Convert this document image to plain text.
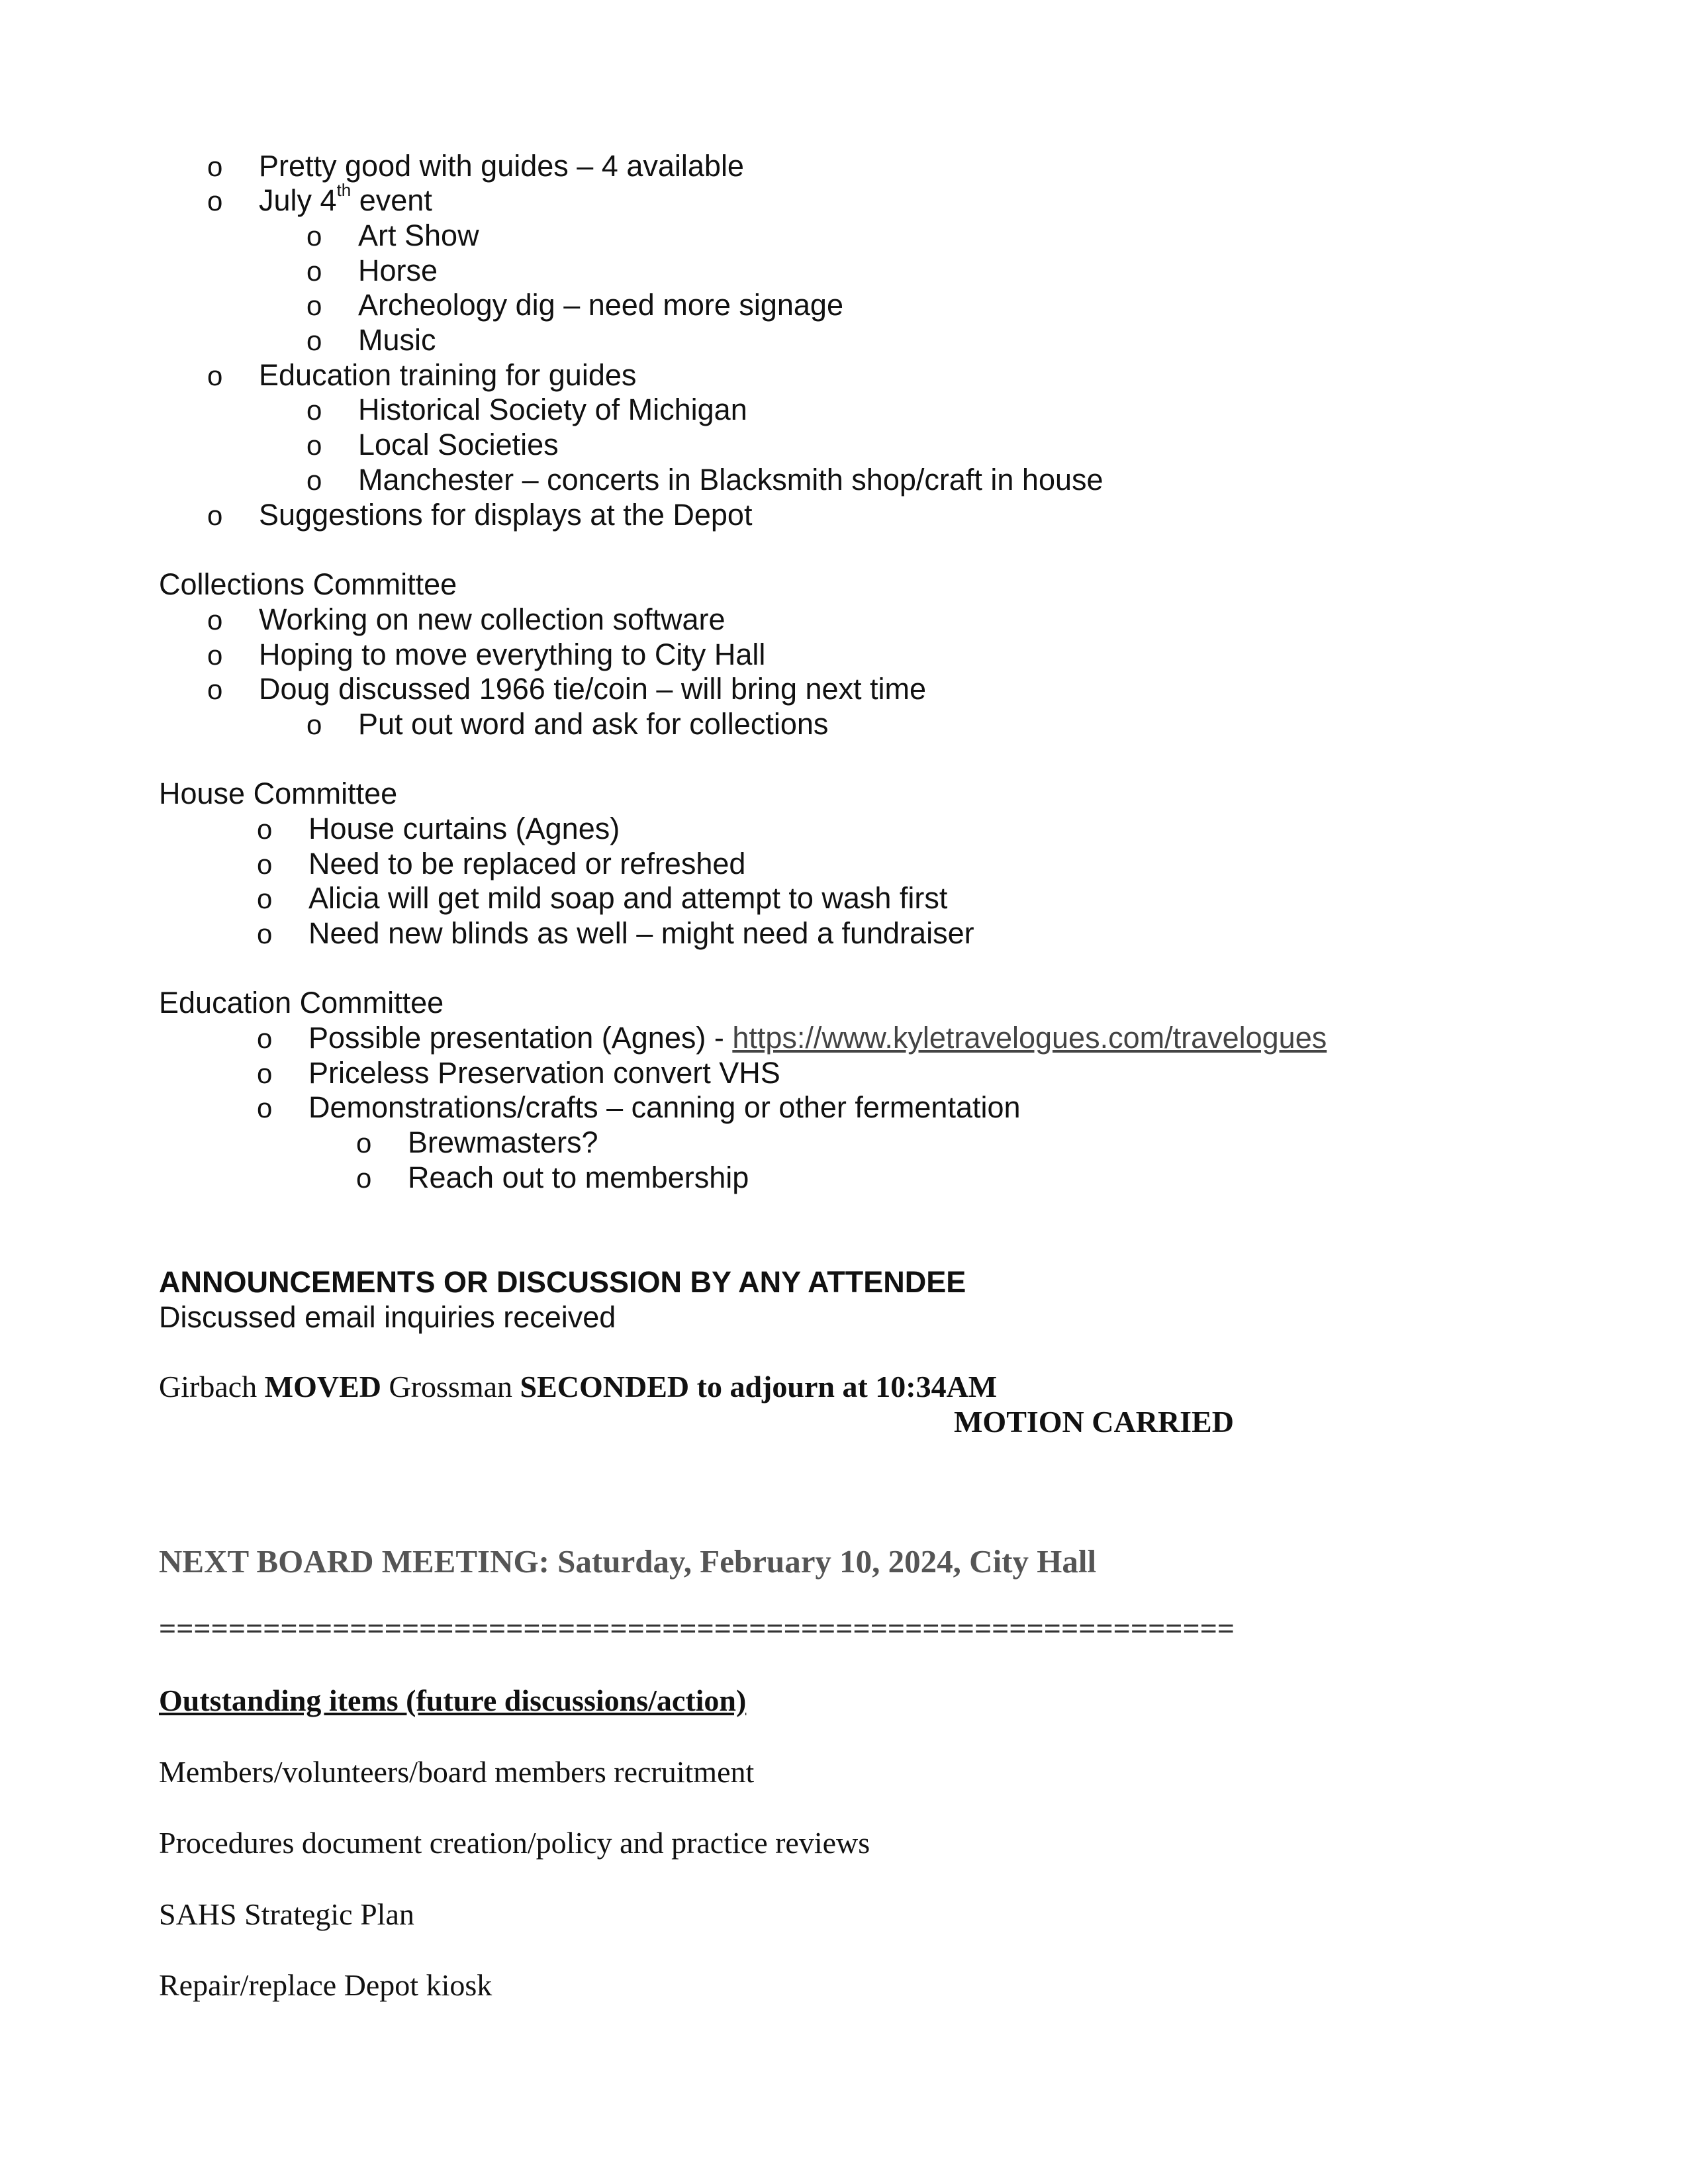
o Pretty good with guides – 4 available
o July 4th event
o Art Show
o Horse
o Archeology dig – need more signage
o Music
o Education training for guides
o Historical Society of Michigan
o Local Societies
o Manchester – concerts in Blacksmith shop/craft in house
o Suggestions for displays at the Depot
Collections Committee
o Working on new collection software
o Hoping to move everything to City Hall
o Doug discussed 1966 tie/coin – will bring next time
o Put out word and ask for collections
House Committee
o House curtains (Agnes)
o Need to be replaced or refreshed
o Alicia will get mild soap and attempt to wash first
o Need new blinds as well – might need a fundraiser
Education Committee
o Possible presentation (Agnes) - https://www.kyletravelogues.com/travelogues
o Priceless Preservation convert VHS
o Demonstrations/crafts – canning or other fermentation
o Brewmasters?
o Reach out to membership
ANNOUNCEMENTS OR DISCUSSION BY ANY ATTENDEE
Discussed email inquiries received
Girbach MOVED Grossman SECONDED to adjourn at 10:34AM
MOTION CARRIED
NEXT BOARD MEETING: Saturday, February 10, 2024, City Hall
==============================================================
Outstanding items (future discussions/action)
Members/volunteers/board members recruitment
Procedures document creation/policy and practice reviews
SAHS Strategic Plan
Repair/replace Depot kiosk
